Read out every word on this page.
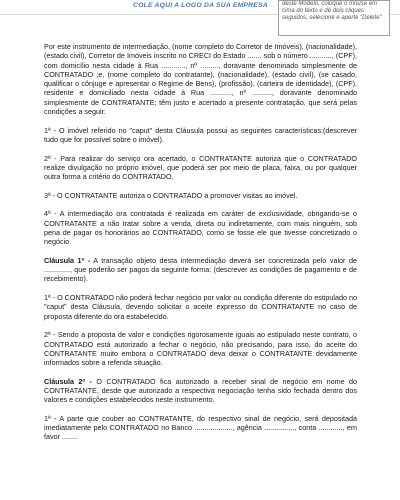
COLE AQUI A LOGO DA SUA EMPRESA	deste Modelo, coloque o mouse em cima do texto e dê dois cliques seguidos, selecione e aperte "Delete"

Por este instrumento de intermediação, (nome completo do Corretor de Imóveis), (nacionalidade), (estado civil), Corretor de Imóveis inscrito no CRECI do Estado ....... sob o número ..........., (CPF), com domicílio nesta cidade à Rua ............, nº ........., doravante denominado simplesmente de CONTRATADO ;e, (nome completo do contratante), (nacionalidade), (estado civil), (se casado, qualificar o cônjuge e apresentar o Regime de Bens), (profissão), (carteira de identidade), (CPF), residente e domiciliado nesta cidade à Rua ..........., nº .........., doravante denominado simplesmente de CONTRATANTE; têm justo e acertado a presente contratação, que será pelas condições a seguir:

1ª - O imóvel referido no "caput" desta Cláusula possui as seguintes características:(descrever tudo que for possível sobre o imóvel).

2ª - Para realizar do serviço ora acertado, o CONTRATANTE autoriza que o CONTRATADO realize divulgação no próprio imóvel, que poderá ser por meio de placa, faixa, ou por qualquer outra forma a critério do CONTRATADO.

3ª - O CONTRATANTE autoriza o CONTRATADO a promover visitas ao imóvel.

4ª - A intermediação ora contratada é realizada em caráter de exclusividade, obrigando-se o CONTRATANTE a não tratar sobre a venda, direta ou indiretamente, com mais ninguém, sob pena de pagar os honorários ao CONTRATADO, como se fosse ele que tivesse concretizado o negócio.

Cláusula 1ª - A transação objeto desta intermediação deverá ser concretizada pelo valor de ............., que poderão ser pagos da seguinte forma: (descrever as condições de pagamento e de recebimento).

1ª - O CONTRATADO não poderá fechar negócio por valor ou condição diferente do estipulado no "caput" desta Cláusula, devendo solicitar o aceite expresso do CONTRATANTE no caso de proposta diferente do ora estabelecido.

2ª - Sendo a proposta de valor e condições rigorosamente iguais ao estipulado neste contrato, o CONTRATADO está autorizado a fechar o negócio, não precisando, para isso, do aceite do CONTRATANTE muito embora o CONTRATADO deva deixar o CONTRATANTE devidamente informados sobre a referida situação.

Cláusula 2ª - O CONTRATADO fica autorizado a receber sinal de negócio em nome do CONTRATANTE, desde que autorizado a respectiva negociação tenha sido fechada dentro dos valores e condições estabelecidos neste instrumento.

1ª - A parte que couber ao CONTRATANTE, do respectivo sinal de negócio, será depositada imediatamente pelo CONTRATADO no Banco ..................., agência ..............., conta ............, em favor ........
